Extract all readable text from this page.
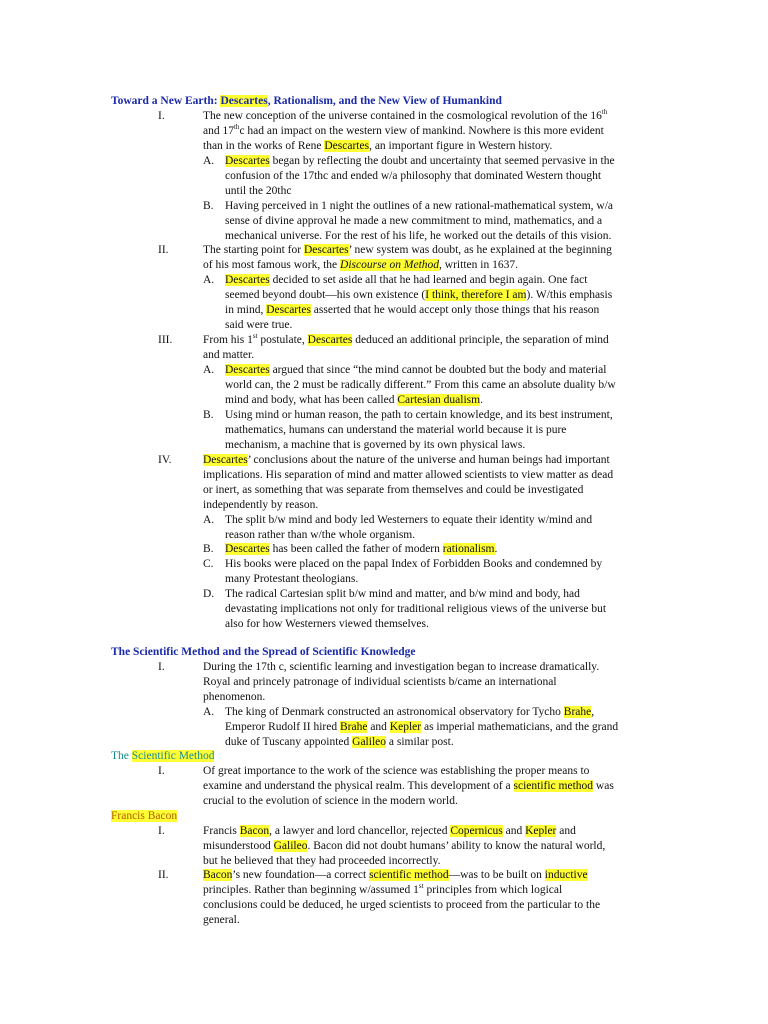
Toward a New Earth: Descartes, Rationalism, and the New View of Humankind
I.	The new conception of the universe contained in the cosmological revolution of the 16th
and 17thc had an impact on the western view of mankind. Nowhere is this more evident
than in the works of Rene Descartes, an important figure in Western history.
A. Descartes began by reflecting the doubt and uncertainty that seemed pervasive in the
confusion of the 17thc and ended w/a philosophy that dominated Western thought
until the 20thc
B. Having perceived in 1 night the outlines of a new rational-mathematical system, w/a
sense of divine approval he made a new commitment to mind, mathematics, and a
mechanical universe. For the rest of his life, he worked out the details of this vision.
II.	The starting point for Descartes’ new system was doubt, as he explained at the beginning
of his most famous work, the Discourse on Method, written in 1637.
A. Descartes decided to set aside all that he had learned and begin again. One fact
seemed beyond doubt—his own existence (I think, therefore I am). W/this emphasis
in mind, Descartes asserted that he would accept only those things that his reason
said were true.
III.	From his 1st postulate, Descartes deduced an additional principle, the separation of mind
and matter.
A. Descartes argued that since “the mind cannot be doubted but the body and material
world can, the 2 must be radically different.” From this came an absolute duality b/w
mind and body, what has been called Cartesian dualism.
B. Using mind or human reason, the path to certain knowledge, and its best instrument,
mathematics, humans can understand the material world because it is pure
mechanism, a machine that is governed by its own physical laws.
IV.	Descartes’ conclusions about the nature of the universe and human beings had important
implications. His separation of mind and matter allowed scientists to view matter as dead
or inert, as something that was separate from themselves and could be investigated
independently by reason.
A. The split b/w mind and body led Westerners to equate their identity w/mind and
reason rather than w/the whole organism.
B. Descartes has been called the father of modern rationalism.
C. His books were placed on the papal Index of Forbidden Books and condemned by
many Protestant theologians.
D. The radical Cartesian split b/w mind and matter, and b/w mind and body, had
devastating implications not only for traditional religious views of the universe but
also for how Westerners viewed themselves.
The Scientific Method and the Spread of Scientific Knowledge
I.	During the 17th c, scientific learning and investigation began to increase dramatically.
Royal and princely patronage of individual scientists b/came an international
phenomenon.
A. The king of Denmark constructed an astronomical observatory for Tycho Brahe,
Emperor Rudolf II hired Brahe and Kepler as imperial mathematicians, and the grand
duke of Tuscany appointed Galileo a similar post.
The Scientific Method
I.	Of great importance to the work of the science was establishing the proper means to
examine and understand the physical realm. This development of a scientific method was
crucial to the evolution of science in the modern world.
Francis Bacon
I.	Francis Bacon, a lawyer and lord chancellor, rejected Copernicus and Kepler and
misunderstood Galileo. Bacon did not doubt humans’ ability to know the natural world,
but he believed that they had proceeded incorrectly.
II.	Bacon’s new foundation—a correct scientific method—was to be built on inductive
principles. Rather than beginning w/assumed 1st principles from which logical
conclusions could be deduced, he urged scientists to proceed from the particular to the
general.
